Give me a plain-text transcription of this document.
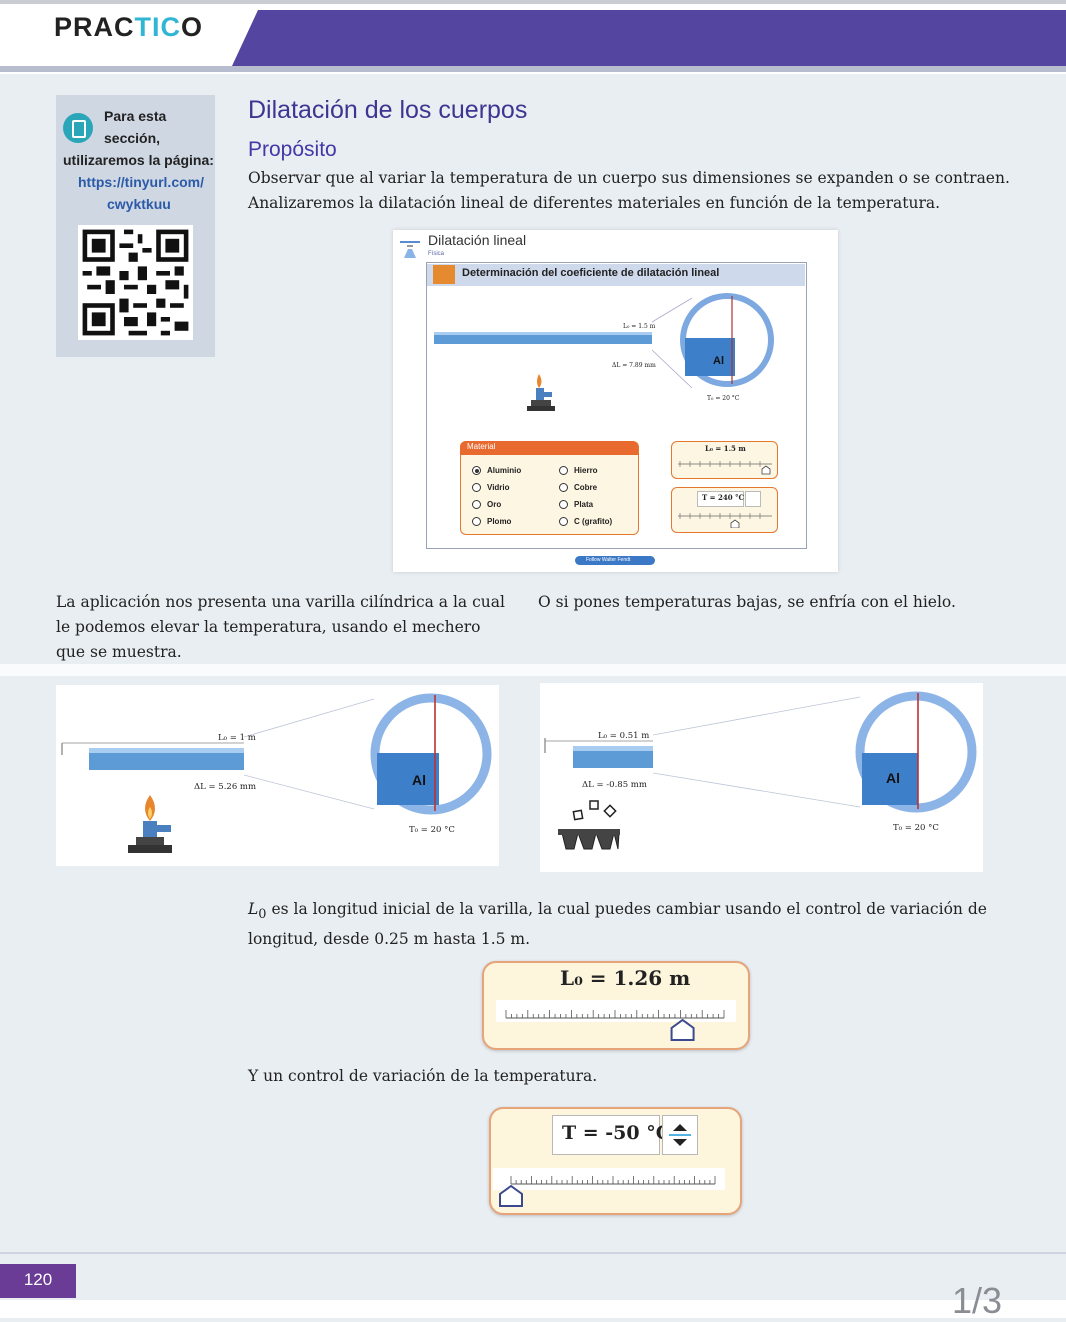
PRACTICO
Para esta
sección,
utilizaremos la página:
https://tinyurl.com/
cwyktkuu
Dilatación de los cuerpos
Propósito
Observar que al variar la temperatura de un cuerpo sus dimensiones se expanden o se contraen.
Analizaremos la dilatación lineal de diferentes materiales en función de la temperatura.
Dilatación lineal
Física
Determinación del coeficiente de dilatación lineal
Al
L₀ = 1.5 m
ΔL = 7.89 mm
T₀ = 20 °C
Material
Aluminio	Hierro
Vidrio	Cobre
Oro	Plata
Plomo	C (grafito)
L₀ = 1.5 m
T = 240 °C
Follow Walter Fendt
La aplicación nos presenta una varilla cilíndrica a la cual le podemos elevar la temperatura, usando el mechero que se muestra.
O si pones temperaturas bajas, se enfría con el hielo.
Al
L₀ = 1 m
ΔL = 5.26 mm
T₀ = 20 °C
Al
L₀ = 0.51 m
ΔL = -0.85 mm
T₀ = 20 °C
$L_0$ es la longitud inicial de la varilla, la cual puedes cambiar usando el control de variación de longitud, desde 0.25 m hasta 1.5 m.
L₀ = 1.26 m
Y un control de variación de la temperatura.
T = -50 °C
120
1/3
